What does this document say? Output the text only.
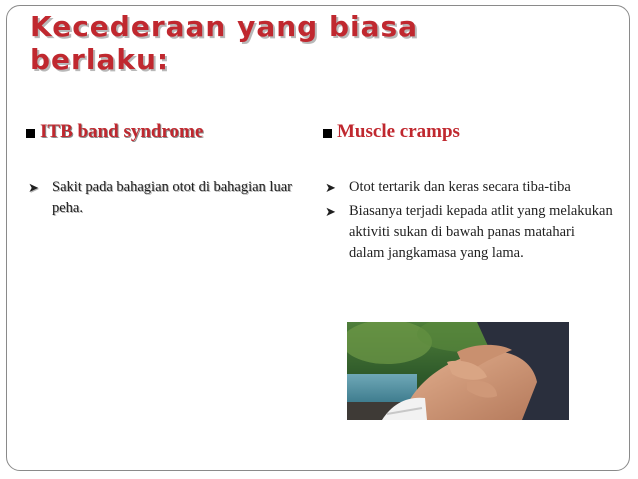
Kecederaan yang biasa
berlaku:

ITB band syndrome

➤ Sakit pada bahagian otot di bahagian luar peha.

Muscle cramps

➤ Otot tertarik dan keras secara tiba-tiba
➤ Biasanya terjadi kepada atlit yang melakukan aktiviti sukan di bawah panas matahari dalam jangkamasa yang lama.
